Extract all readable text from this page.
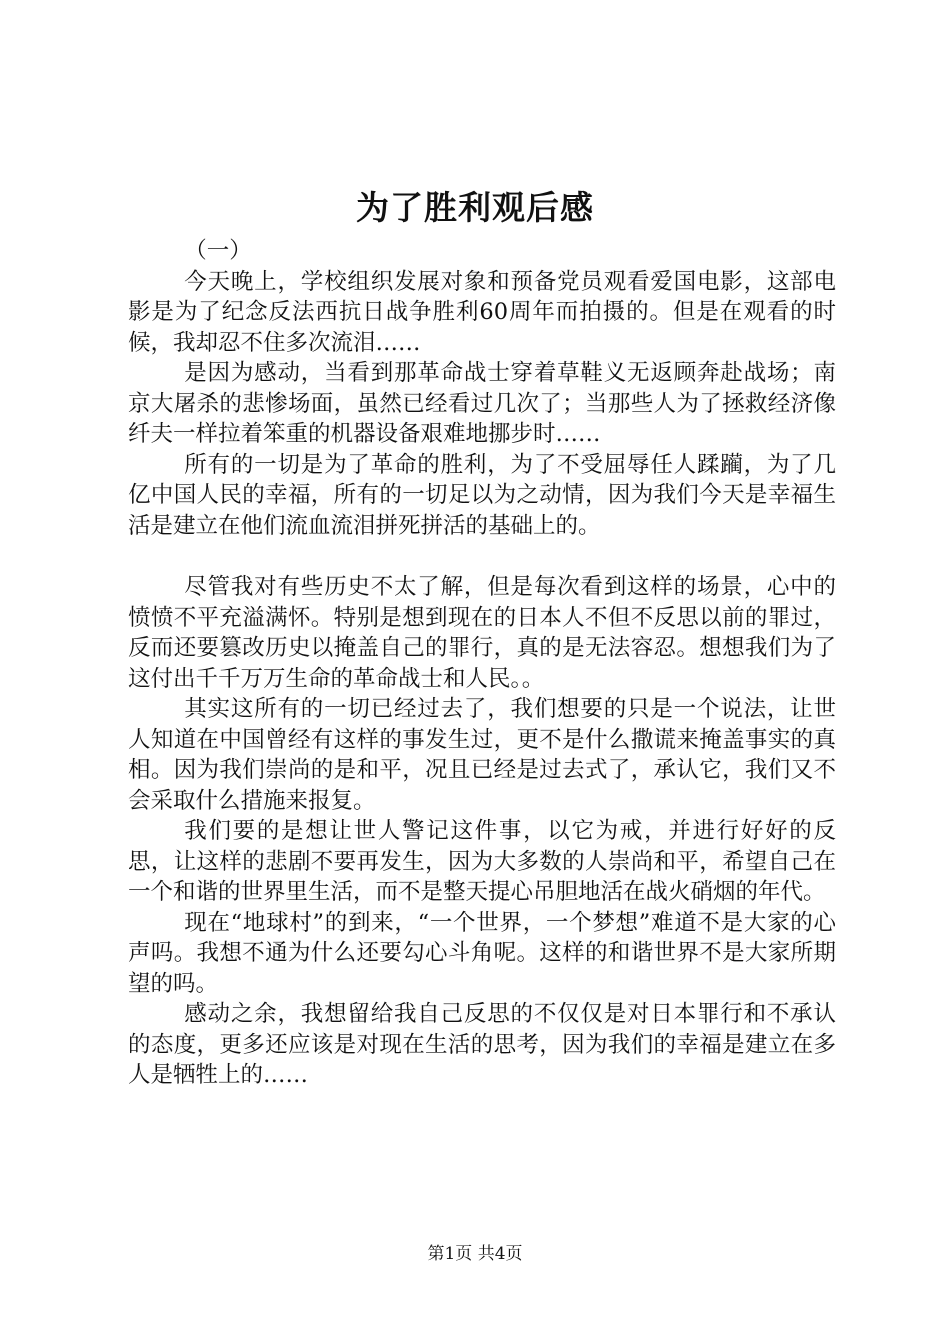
为了胜利观后感

（一）

今天晚上，学校组织发展对象和预备党员观看爱国电影，这部电影是为了纪念反法西抗日战争胜利60周年而拍摄的。但是在观看的时候，我却忍不住多次流泪……

是因为感动，当看到那革命战士穿着草鞋义无返顾奔赴战场；南京大屠杀的悲惨场面，虽然已经看过几次了；当那些人为了拯救经济像纤夫一样拉着笨重的机器设备艰难地挪步时……

所有的一切是为了革命的胜利，为了不受屈辱任人蹂躏，为了几亿中国人民的幸福，所有的一切足以为之动情，因为我们今天是幸福生活是建立在他们流血流泪拼死拼活的基础上的。

尽管我对有些历史不太了解，但是每次看到这样的场景，心中的愤愤不平充溢满怀。特别是想到现在的日本人不但不反思以前的罪过，反而还要篡改历史以掩盖自己的罪行，真的是无法容忍。想想我们为了这付出千千万万生命的革命战士和人民。。

其实这所有的一切已经过去了，我们想要的只是一个说法，让世人知道在中国曾经有这样的事发生过，更不是什么撒谎来掩盖事实的真相。因为我们崇尚的是和平，况且已经是过去式了，承认它，我们又不会采取什么措施来报复。

我们要的是想让世人警记这件事，以它为戒，并进行好好的反思，让这样的悲剧不要再发生，因为大多数的人崇尚和平，希望自己在一个和谐的世界里生活，而不是整天提心吊胆地活在战火硝烟的年代。

现在“地球村”的到来，“一个世界，一个梦想”难道不是大家的心声吗。我想不通为什么还要勾心斗角呢。这样的和谐世界不是大家所期望的吗。

感动之余，我想留给我自己反思的不仅仅是对日本罪行和不承认的态度，更多还应该是对现在生活的思考，因为我们的幸福是建立在多人是牺牲上的……

第1页 共4页
